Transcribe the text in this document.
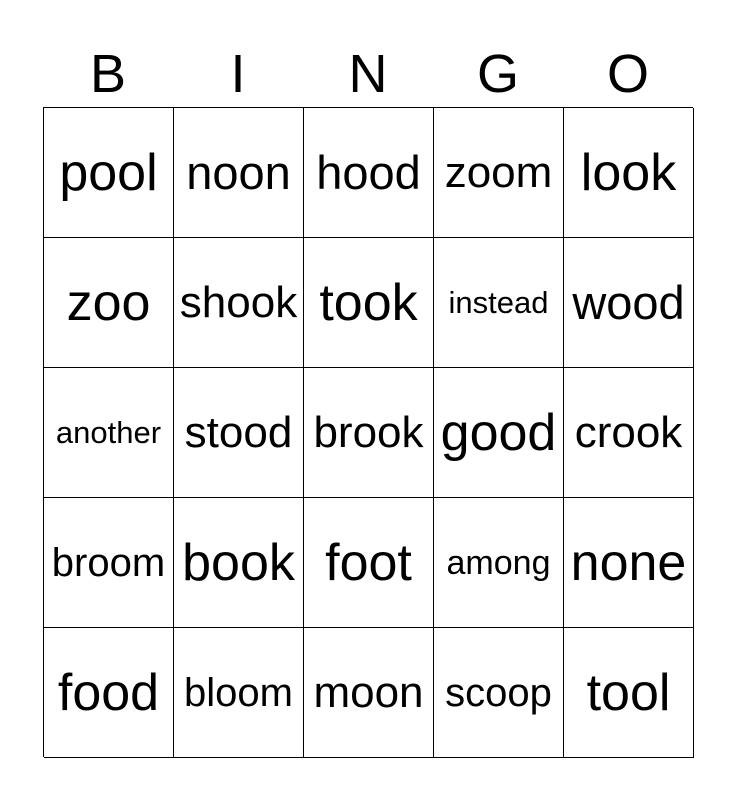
B	I	N	G	O
pool noon hood zoom look
zoo shook took instead wood
another stood brook good crook
broom book foot	among none
food bloom moon scoop tool
